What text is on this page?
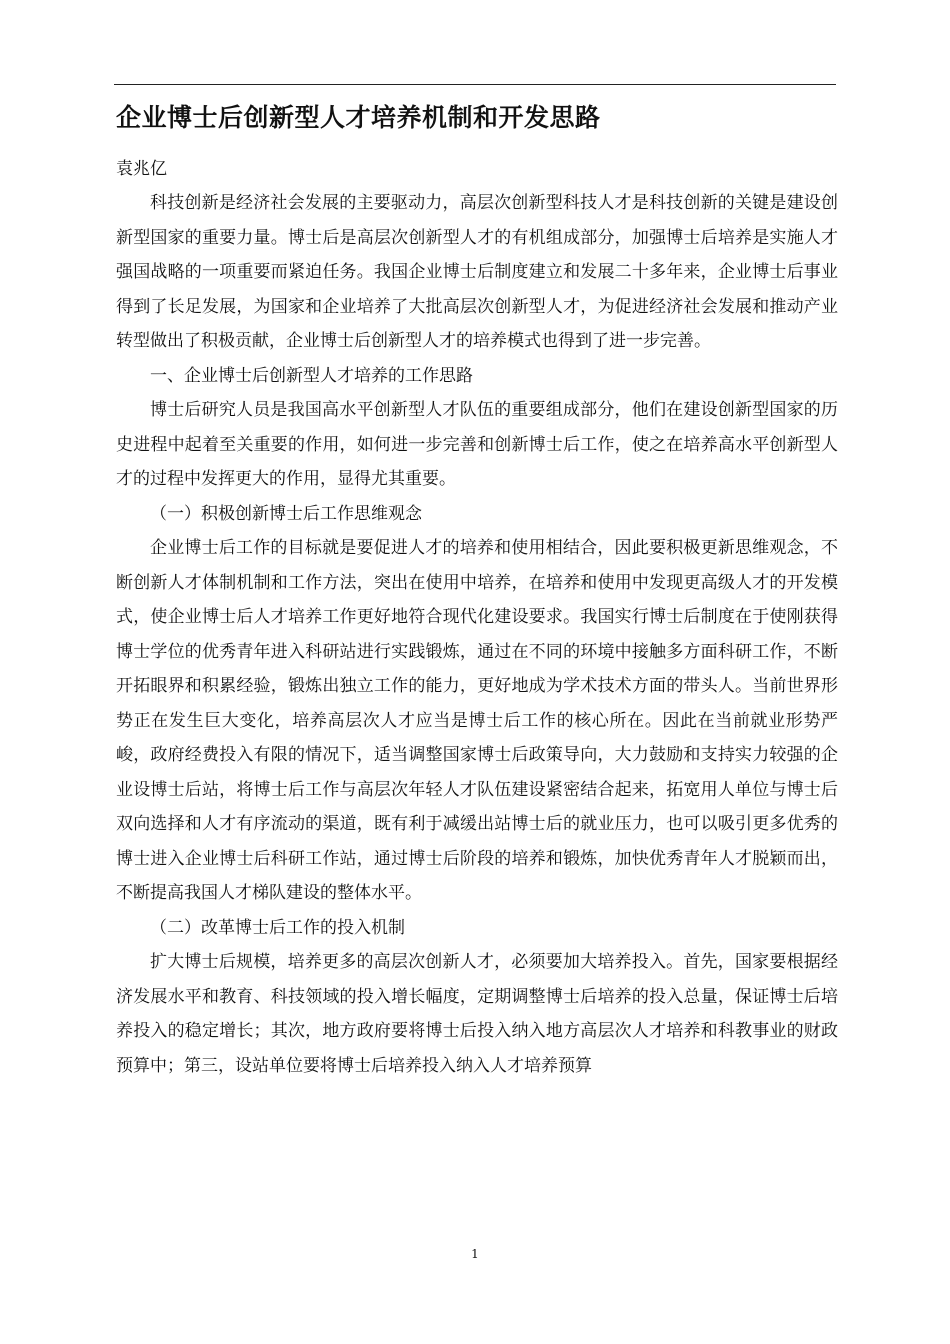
企业博士后创新型人才培养机制和开发思路

袁兆亿

科技创新是经济社会发展的主要驱动力，高层次创新型科技人才是科技创新的关键是建设创新型国家的重要力量。博士后是高层次创新型人才的有机组成部分，加强博士后培养是实施人才强国战略的一项重要而紧迫任务。我国企业博士后制度建立和发展二十多年来，企业博士后事业得到了长足发展，为国家和企业培养了大批高层次创新型人才，为促进经济社会发展和推动产业转型做出了积极贡献，企业博士后创新型人才的培养模式也得到了进一步完善。

一、企业博士后创新型人才培养的工作思路

博士后研究人员是我国高水平创新型人才队伍的重要组成部分，他们在建设创新型国家的历史进程中起着至关重要的作用，如何进一步完善和创新博士后工作，使之在培养高水平创新型人才的过程中发挥更大的作用，显得尤其重要。

（一）积极创新博士后工作思维观念

企业博士后工作的目标就是要促进人才的培养和使用相结合，因此要积极更新思维观念，不断创新人才体制机制和工作方法，突出在使用中培养，在培养和使用中发现更高级人才的开发模式，使企业博士后人才培养工作更好地符合现代化建设要求。我国实行博士后制度在于使刚获得博士学位的优秀青年进入科研站进行实践锻炼，通过在不同的环境中接触多方面科研工作，不断开拓眼界和积累经验，锻炼出独立工作的能力，更好地成为学术技术方面的带头人。当前世界形势正在发生巨大变化，培养高层次人才应当是博士后工作的核心所在。因此在当前就业形势严峻，政府经费投入有限的情况下，适当调整国家博士后政策导向，大力鼓励和支持实力较强的企业设博士后站，将博士后工作与高层次年轻人才队伍建设紧密结合起来，拓宽用人单位与博士后双向选择和人才有序流动的渠道，既有利于减缓出站博士后的就业压力，也可以吸引更多优秀的博士进入企业博士后科研工作站，通过博士后阶段的培养和锻炼，加快优秀青年人才脱颖而出，不断提高我国人才梯队建设的整体水平。

（二）改革博士后工作的投入机制

扩大博士后规模，培养更多的高层次创新人才，必须要加大培养投入。首先，国家要根据经济发展水平和教育、科技领域的投入增长幅度，定期调整博士后培养的投入总量，保证博士后培养投入的稳定增长；其次，地方政府要将博士后投入纳入地方高层次人才培养和科教事业的财政预算中；第三，设站单位要将博士后培养投入纳入人才培养预算

1
